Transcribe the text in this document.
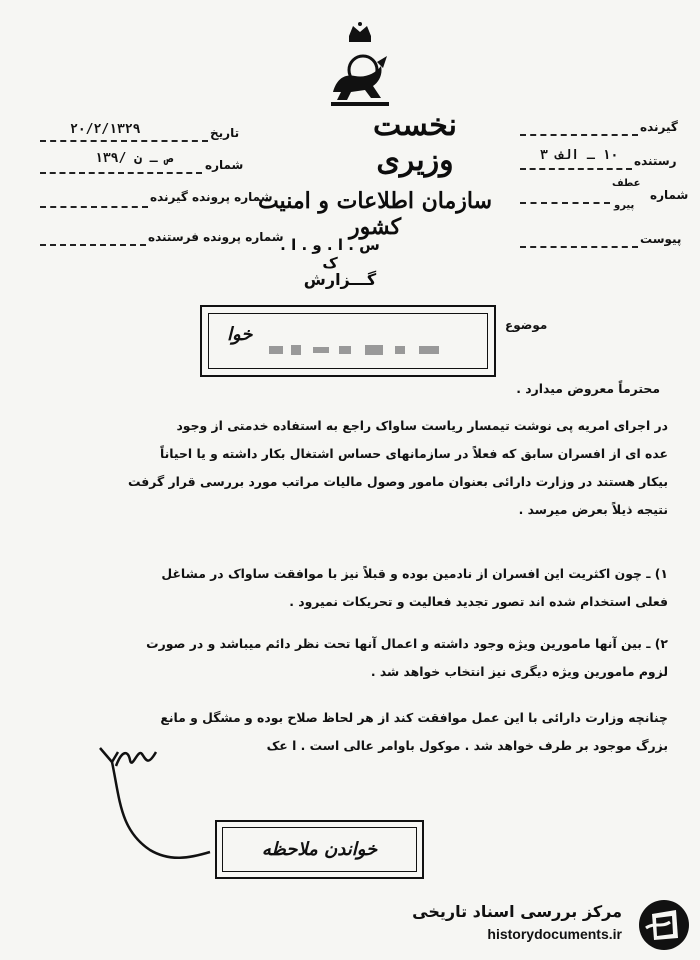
نخست وزیری
سازمان اطلاعات و امنیت کشور
س . ا . و . ا . ک
گـــزارش
تاریخ
۲۰/۲/۱۳۲۹
شماره
۱۳۹/ ص ـ ن
شماره پرونده گیرنده
شماره پرونده فرستنده
گیرنده
رستنده
۱۰ ـ الف ۳
شماره
عطف
پیرو
پیوست
موضوع
خوا
محترماً معروض میدارد .
در اجرای امریه پی نوشت تیمسار ریاست ساواک راجع به استفاده خدمتی از وجود
عده ای از افسران سابق که فعلاً در سازمانهای حساس اشتغال بکار داشته و یا احیاناً
بیکار هستند در وزارت دارائی بعنوان مامور وصول مالیات مراتب مورد بررسی قرار گرفت
نتیجه ذیلاً بعرض میرسد .
۱) ـ چون اکثریت این افسران از نادمین بوده و قبلاً نیز با موافقت ساواک در مشاغل
فعلی استخدام شده اند تصور تجدید فعالیت و تحریکات نمیرود .
۲) ـ بین آنها مامورین ویژه وجود داشته و اعمال آنها تحت نظر دائم میباشد و در صورت
لزوم مامورین ویژه دیگری نیز انتخاب خواهد شد .
چنانچه وزارت دارائی با این عمل موافقت کند از هر لحاظ صلاح بوده و مشگل و مانع
بزرگ موجود بر طرف خواهد شد . موکول باوامر عالی است . ا عک
خواندن ملاحظه
مرکز بررسی اسناد تاریخی
historydocuments.ir
